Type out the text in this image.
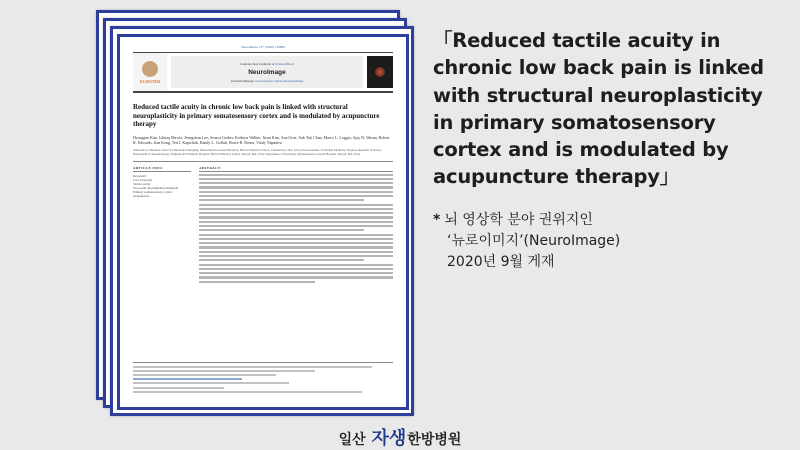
NeuroImage 217 (2020) 116899
ELSEVIER
Contents lists available at ScienceDirect
NeuroImage
journal homepage: www.elsevier.com/locate/neuroimage
Reduced tactile acuity in chronic low back pain is linked with structural neuroplasticity in primary somatosensory cortex and is modulated by acupuncture therapy
Hyungjun Kim, Ishtiaq Mawla, Jeungchan Lee, Jessica Gerber, Kathryn Walker, Jieun Kim, Ana Ortiz, Suk-Tak Chan, Marco L. Loggia, Ajay D. Wasan, Robert R. Edwards, Jian Kong, Ted J. Kaptchuk, Randy L. Gollub, Bruce R. Rosen, Vitaly Napadow
Athinoula A. Martinos Center for Biomedical Imaging, Massachusetts General Hospital, Harvard Medical School, Charlestown, MA, USA; Korea Institute of Oriental Medicine, Daejeon, Republic of Korea; Department of Anesthesiology, Brigham and Women's Hospital, Harvard Medical School, Boston, MA, USA; Department of Psychiatry, Massachusetts General Hospital, Boston, MA, USA
ARTICLE INFO
Keywords:
Low back pain
Tactile acuity
Two-point discrimination threshold
Primary somatosensory cortex
Acupuncture
ABSTRACT

「Reduced tactile acuity in chronic low back pain is linked with structural neuroplasticity in primary somatosensory cortex and is modulated by acupuncture therapy」

* 뇌 영상학 분야 권위지인
‘뉴로이미지’(NeuroImage)
2020년 9월 게재
일산 자생한방병원
